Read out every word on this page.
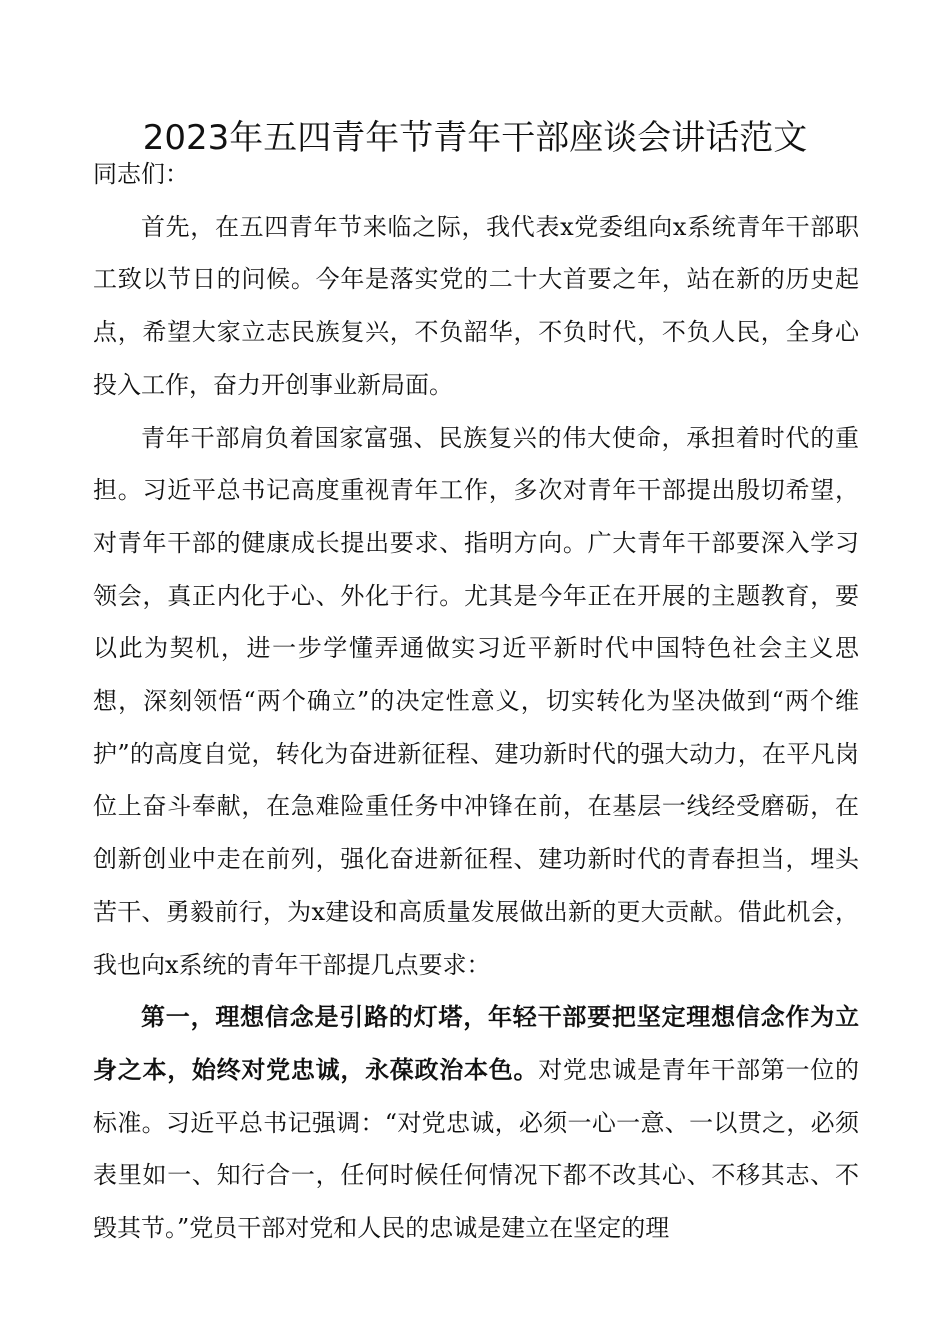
2023年五四青年节青年干部座谈会讲话范文

同志们：

首先，在五四青年节来临之际，我代表x党委组向x系统青年干部职工致以节日的问候。今年是落实党的二十大首要之年，站在新的历史起点，希望大家立志民族复兴，不负韶华，不负时代，不负人民，全身心投入工作，奋力开创事业新局面。

青年干部肩负着国家富强、民族复兴的伟大使命，承担着时代的重担。习近平总书记高度重视青年工作，多次对青年干部提出殷切希望，对青年干部的健康成长提出要求、指明方向。广大青年干部要深入学习领会，真正内化于心、外化于行。尤其是今年正在开展的主题教育，要以此为契机，进一步学懂弄通做实习近平新时代中国特色社会主义思想，深刻领悟“两个确立”的决定性意义，切实转化为坚决做到“两个维护”的高度自觉，转化为奋进新征程、建功新时代的强大动力，在平凡岗位上奋斗奉献，在急难险重任务中冲锋在前，在基层一线经受磨砺，在创新创业中走在前列，强化奋进新征程、建功新时代的青春担当，埋头苦干、勇毅前行，为x建设和高质量发展做出新的更大贡献。借此机会，我也向x系统的青年干部提几点要求：

第一，理想信念是引路的灯塔，年轻干部要把坚定理想信念作为立身之本，始终对党忠诚，永葆政治本色。对党忠诚是青年干部第一位的标准。习近平总书记强调：“对党忠诚，必须一心一意、一以贯之，必须表里如一、知行合一，任何时候任何情况下都不改其心、不移其志、不毁其节。”党员干部对党和人民的忠诚是建立在坚定的理
